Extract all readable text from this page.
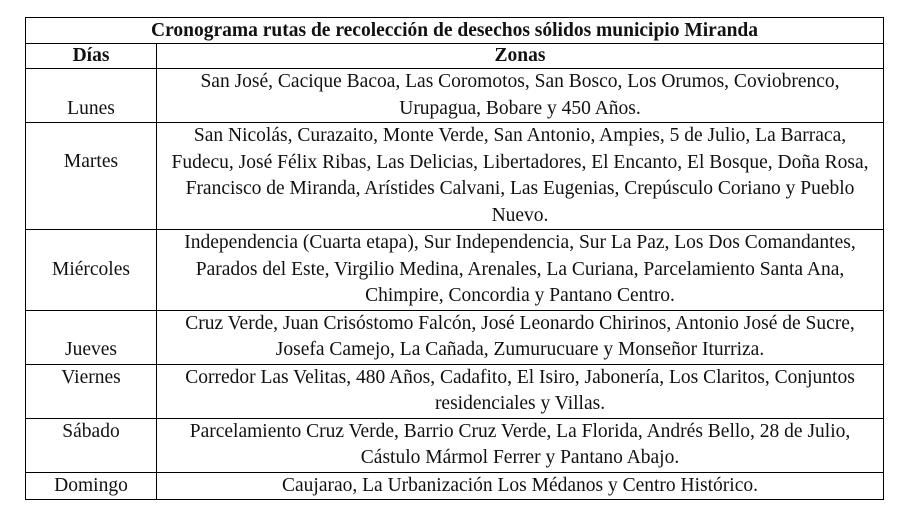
Cronograma rutas de recolección de desechos sólidos municipio Miranda	
Días	Zonas
Lunes	San José, Cacique Bacoa, Las Coromotos, San Bosco, Los Orumos, Coviobrenco, Urupagua, Bobare y 450 Años.
Martes	San Nicolás, Curazaito, Monte Verde, San Antonio, Ampies, 5 de Julio, La Barraca, Fudecu, José Félix Ribas, Las Delicias, Libertadores, El Encanto, El Bosque, Doña Rosa, Francisco de Miranda, Arístides Calvani, Las Eugenias, Crepúsculo Coriano y Pueblo Nuevo.
Miércoles	Independencia (Cuarta etapa), Sur Independencia, Sur La Paz, Los Dos Comandantes, Parados del Este, Virgilio Medina, Arenales, La Curiana, Parcelamiento Santa Ana, Chimpire, Concordia y Pantano Centro.
Jueves	Cruz Verde, Juan Crisóstomo Falcón, José Leonardo Chirinos, Antonio José de Sucre, Josefa Camejo, La Cañada, Zumurucuare y Monseñor Iturriza.
Viernes	Corredor Las Velitas, 480 Años, Cadafito, El Isiro, Jabonería, Los Claritos, Conjuntos residenciales y Villas.
Sábado	Parcelamiento Cruz Verde, Barrio Cruz Verde, La Florida, Andrés Bello, 28 de Julio, Cástulo Mármol Ferrer y Pantano Abajo.
Domingo	Caujarao, La Urbanización Los Médanos y Centro Histórico.
